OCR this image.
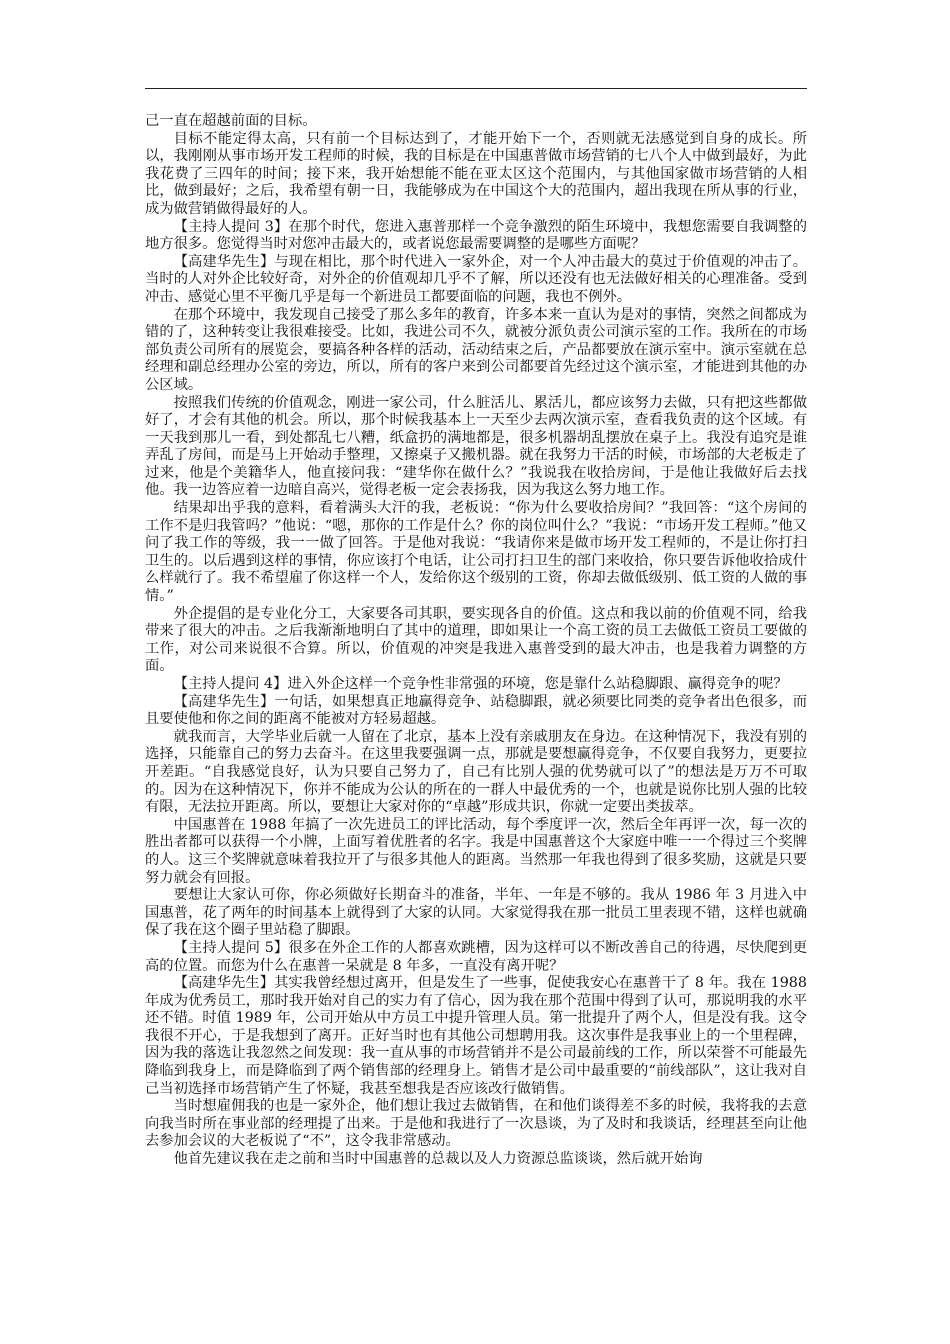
己一直在超越前面的目标。

目标不能定得太高，只有前一个目标达到了，才能开始下一个，否则就无法感觉到自身的成长。所以，我刚刚从事市场开发工程师的时候，我的目标是在中国惠普做市场营销的七八个人中做到最好，为此我花费了三四年的时间；接下来，我开始想能不能在亚太区这个范围内，与其他国家做市场营销的人相比，做到最好；之后，我希望有朝一日，我能够成为在中国这个大的范围内，超出我现在所从事的行业，成为做营销做得最好的人。

【主持人提问 3】在那个时代，您进入惠普那样一个竞争激烈的陌生环境中，我想您需要自我调整的地方很多。您觉得当时对您冲击最大的，或者说您最需要调整的是哪些方面呢？

【高建华先生】与现在相比，那个时代进入一家外企，对一个人冲击最大的莫过于价值观的冲击了。当时的人对外企比较好奇，对外企的价值观却几乎不了解，所以还没有也无法做好相关的心理准备。受到冲击、感觉心里不平衡几乎是每一个新进员工都要面临的问题，我也不例外。

在那个环境中，我发现自己接受了那么多年的教育，许多本来一直认为是对的事情，突然之间都成为错的了，这种转变让我很难接受。比如，我进公司不久，就被分派负责公司演示室的工作。我所在的市场部负责公司所有的展览会，要搞各种各样的活动，活动结束之后，产品都要放在演示室中。演示室就在总经理和副总经理办公室的旁边，所以，所有的客户来到公司都要首先经过这个演示室，才能进到其他的办公区域。

按照我们传统的价值观念，刚进一家公司，什么脏活儿、累活儿，都应该努力去做，只有把这些都做好了，才会有其他的机会。所以，那个时候我基本上一天至少去两次演示室，查看我负责的这个区域。有一天我到那儿一看，到处都乱七八糟，纸盒扔的满地都是，很多机器胡乱摆放在桌子上。我没有追究是谁弄乱了房间，而是马上开始动手整理，又擦桌子又搬机器。就在我努力干活的时候，市场部的大老板走了过来，他是个美籍华人，他直接问我：“建华你在做什么？”我说我在收拾房间，于是他让我做好后去找他。我一边答应着一边暗自高兴，觉得老板一定会表扬我，因为我这么努力地工作。

结果却出乎我的意料，看着满头大汗的我，老板说：“你为什么要收拾房间？”我回答：“这个房间的工作不是归我管吗？”他说：“嗯，那你的工作是什么？你的岗位叫什么？”我说：“市场开发工程师。”他又问了我工作的等级，我一一做了回答。于是他对我说：“我请你来是做市场开发工程师的，不是让你打扫卫生的。以后遇到这样的事情，你应该打个电话，让公司打扫卫生的部门来收拾，你只要告诉他收拾成什么样就行了。我不希望雇了你这样一个人，发给你这个级别的工资，你却去做低级别、低工资的人做的事情。”

外企提倡的是专业化分工，大家要各司其职，要实现各自的价值。这点和我以前的价值观不同，给我带来了很大的冲击。之后我渐渐地明白了其中的道理，即如果让一个高工资的员工去做低工资员工要做的工作，对公司来说很不合算。所以，价值观的冲突是我进入惠普受到的最大冲击，也是我着力调整的方面。

【主持人提问 4】进入外企这样一个竞争性非常强的环境，您是靠什么站稳脚跟、赢得竞争的呢？

【高建华先生】一句话，如果想真正地赢得竞争、站稳脚跟，就必须要比同类的竞争者出色很多，而且要使他和你之间的距离不能被对方轻易超越。

就我而言，大学毕业后就一人留在了北京，基本上没有亲戚朋友在身边。在这种情况下，我没有别的选择，只能靠自己的努力去奋斗。在这里我要强调一点，那就是要想赢得竞争，不仅要自我努力，更要拉开差距。“自我感觉良好，认为只要自己努力了，自己有比别人强的优势就可以了”的想法是万万不可取的。因为在这种情况下，你并不能成为公认的所在的一群人中最优秀的一个，也就是说你比别人强的比较有限，无法拉开距离。所以，要想让大家对你的“卓越”形成共识，你就一定要出类拔萃。

中国惠普在 1988 年搞了一次先进员工的评比活动，每个季度评一次，然后全年再评一次，每一次的胜出者都可以获得一个小牌，上面写着优胜者的名字。我是中国惠普这个大家庭中唯一一个得过三个奖牌的人。这三个奖牌就意味着我拉开了与很多其他人的距离。当然那一年我也得到了很多奖励，这就是只要努力就会有回报。

要想让大家认可你，你必须做好长期奋斗的准备，半年、一年是不够的。我从 1986 年 3 月进入中国惠普，花了两年的时间基本上就得到了大家的认同。大家觉得我在那一批员工里表现不错，这样也就确保了我在这个圈子里站稳了脚跟。

【主持人提问 5】很多在外企工作的人都喜欢跳槽，因为这样可以不断改善自己的待遇，尽快爬到更高的位置。而您为什么在惠普一呆就是 8 年多，一直没有离开呢？

【高建华先生】其实我曾经想过离开，但是发生了一些事，促使我安心在惠普干了 8 年。我在 1988 年成为优秀员工，那时我开始对自己的实力有了信心，因为我在那个范围中得到了认可，那说明我的水平还不错。时值 1989 年，公司开始从中方员工中提升管理人员。第一批提升了两个人，但是没有我。这令我很不开心，于是我想到了离开。正好当时也有其他公司想聘用我。这次事件是我事业上的一个里程碑，因为我的落选让我忽然之间发现：我一直从事的市场营销并不是公司最前线的工作，所以荣誉不可能最先降临到我身上，而是降临到了两个销售部的经理身上。销售才是公司中最重要的“前线部队”，这让我对自己当初选择市场营销产生了怀疑，我甚至想我是否应该改行做销售。

当时想雇佣我的也是一家外企，他们想让我过去做销售，在和他们谈得差不多的时候，我将我的去意向我当时所在事业部的经理提了出来。于是他和我进行了一次恳谈，为了及时和我谈话，经理甚至向让他去参加会议的大老板说了“不”，这令我非常感动。

他首先建议我在走之前和当时中国惠普的总裁以及人力资源总监谈谈，然后就开始询
